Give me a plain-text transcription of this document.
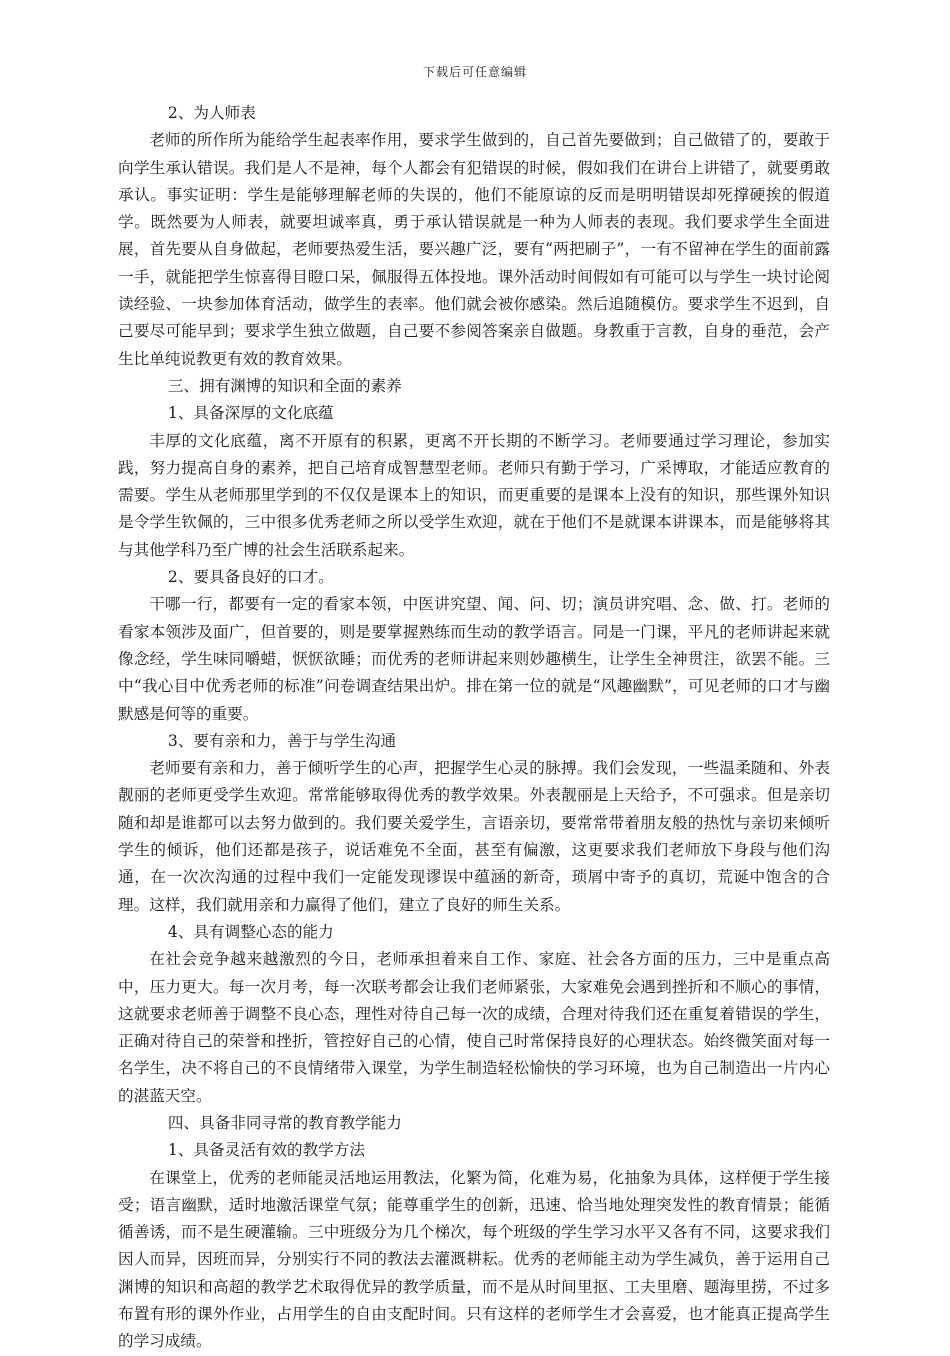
下载后可任意编辑

2、为人师表

老师的所作所为能给学生起表率作用，要求学生做到的，自己首先要做到；自己做错了的，要敢于向学生承认错误。我们是人不是神，每个人都会有犯错误的时候，假如我们在讲台上讲错了，就要勇敢承认。事实证明：学生是能够理解老师的失误的，他们不能原谅的反而是明明错误却死撑硬挨的假道学。既然要为人师表，就要坦诚率真，勇于承认错误就是一种为人师表的表现。我们要求学生全面进展，首先要从自身做起，老师要热爱生活，要兴趣广泛，要有“两把刷子”，一有不留神在学生的面前露一手，就能把学生惊喜得目瞪口呆，佩服得五体投地。课外活动时间假如有可能可以与学生一块讨论阅读经验、一块参加体育活动，做学生的表率。他们就会被你感染。然后追随模仿。要求学生不迟到，自己要尽可能早到；要求学生独立做题，自己要不参阅答案亲自做题。身教重于言教，自身的垂范，会产生比单纯说教更有效的教育效果。

三、拥有渊博的知识和全面的素养

1、具备深厚的文化底蕴

丰厚的文化底蕴，离不开原有的积累，更离不开长期的不断学习。老师要通过学习理论，参加实践，努力提高自身的素养，把自己培育成智慧型老师。老师只有勤于学习，广采博取，才能适应教育的需要。学生从老师那里学到的不仅仅是课本上的知识，而更重要的是课本上没有的知识，那些课外知识是令学生钦佩的，三中很多优秀老师之所以受学生欢迎，就在于他们不是就课本讲课本，而是能够将其与其他学科乃至广博的社会生活联系起来。

2、要具备良好的口才。

干哪一行，都要有一定的看家本领，中医讲究望、闻、问、切；演员讲究唱、念、做、打。老师的看家本领涉及面广，但首要的，则是要掌握熟练而生动的教学语言。同是一门课，平凡的老师讲起来就像念经，学生味同嚼蜡，恹恹欲睡；而优秀的老师讲起来则妙趣横生，让学生全神贯注，欲罢不能。三中“我心目中优秀老师的标准”问卷调查结果出炉。排在第一位的就是“风趣幽默”，可见老师的口才与幽默感是何等的重要。

3、要有亲和力，善于与学生沟通

老师要有亲和力，善于倾听学生的心声，把握学生心灵的脉搏。我们会发现，一些温柔随和、外表靓丽的老师更受学生欢迎。常常能够取得优秀的教学效果。外表靓丽是上天给予，不可强求。但是亲切随和却是谁都可以去努力做到的。我们要关爱学生，言语亲切，要常常带着朋友般的热忱与亲切来倾听学生的倾诉，他们还都是孩子，说话难免不全面，甚至有偏激，这更要求我们老师放下身段与他们沟通，在一次次沟通的过程中我们一定能发现谬误中蕴涵的新奇，琐屑中寄予的真切，荒诞中饱含的合理。这样，我们就用亲和力赢得了他们，建立了良好的师生关系。

4、具有调整心态的能力

在社会竞争越来越激烈的今日，老师承担着来自工作、家庭、社会各方面的压力，三中是重点高中，压力更大。每一次月考，每一次联考都会让我们老师紧张，大家难免会遇到挫折和不顺心的事情，这就要求老师善于调整不良心态，理性对待自己每一次的成绩，合理对待我们还在重复着错误的学生，正确对待自己的荣誉和挫折，管控好自己的心情，使自己时常保持良好的心理状态。始终微笑面对每一名学生，决不将自己的不良情绪带入课堂，为学生制造轻松愉快的学习环境，也为自己制造出一片内心的湛蓝天空。

四、具备非同寻常的教育教学能力

1、具备灵活有效的教学方法

在课堂上，优秀的老师能灵活地运用教法，化繁为简，化难为易，化抽象为具体，这样便于学生接受；语言幽默，适时地激活课堂气氛；能尊重学生的创新，迅速、恰当地处理突发性的教育情景；能循循善诱，而不是生硬灌输。三中班级分为几个梯次，每个班级的学生学习水平又各有不同，这要求我们因人而异，因班而异，分别实行不同的教法去灌溉耕耘。优秀的老师能主动为学生减负，善于运用自己渊博的知识和高超的教学艺术取得优异的教学质量，而不是从时间里抠、工夫里磨、题海里捞，不过多布置有形的课外作业，占用学生的自由支配时间。只有这样的老师学生才会喜爱，也才能真正提高学生的学习成绩。
